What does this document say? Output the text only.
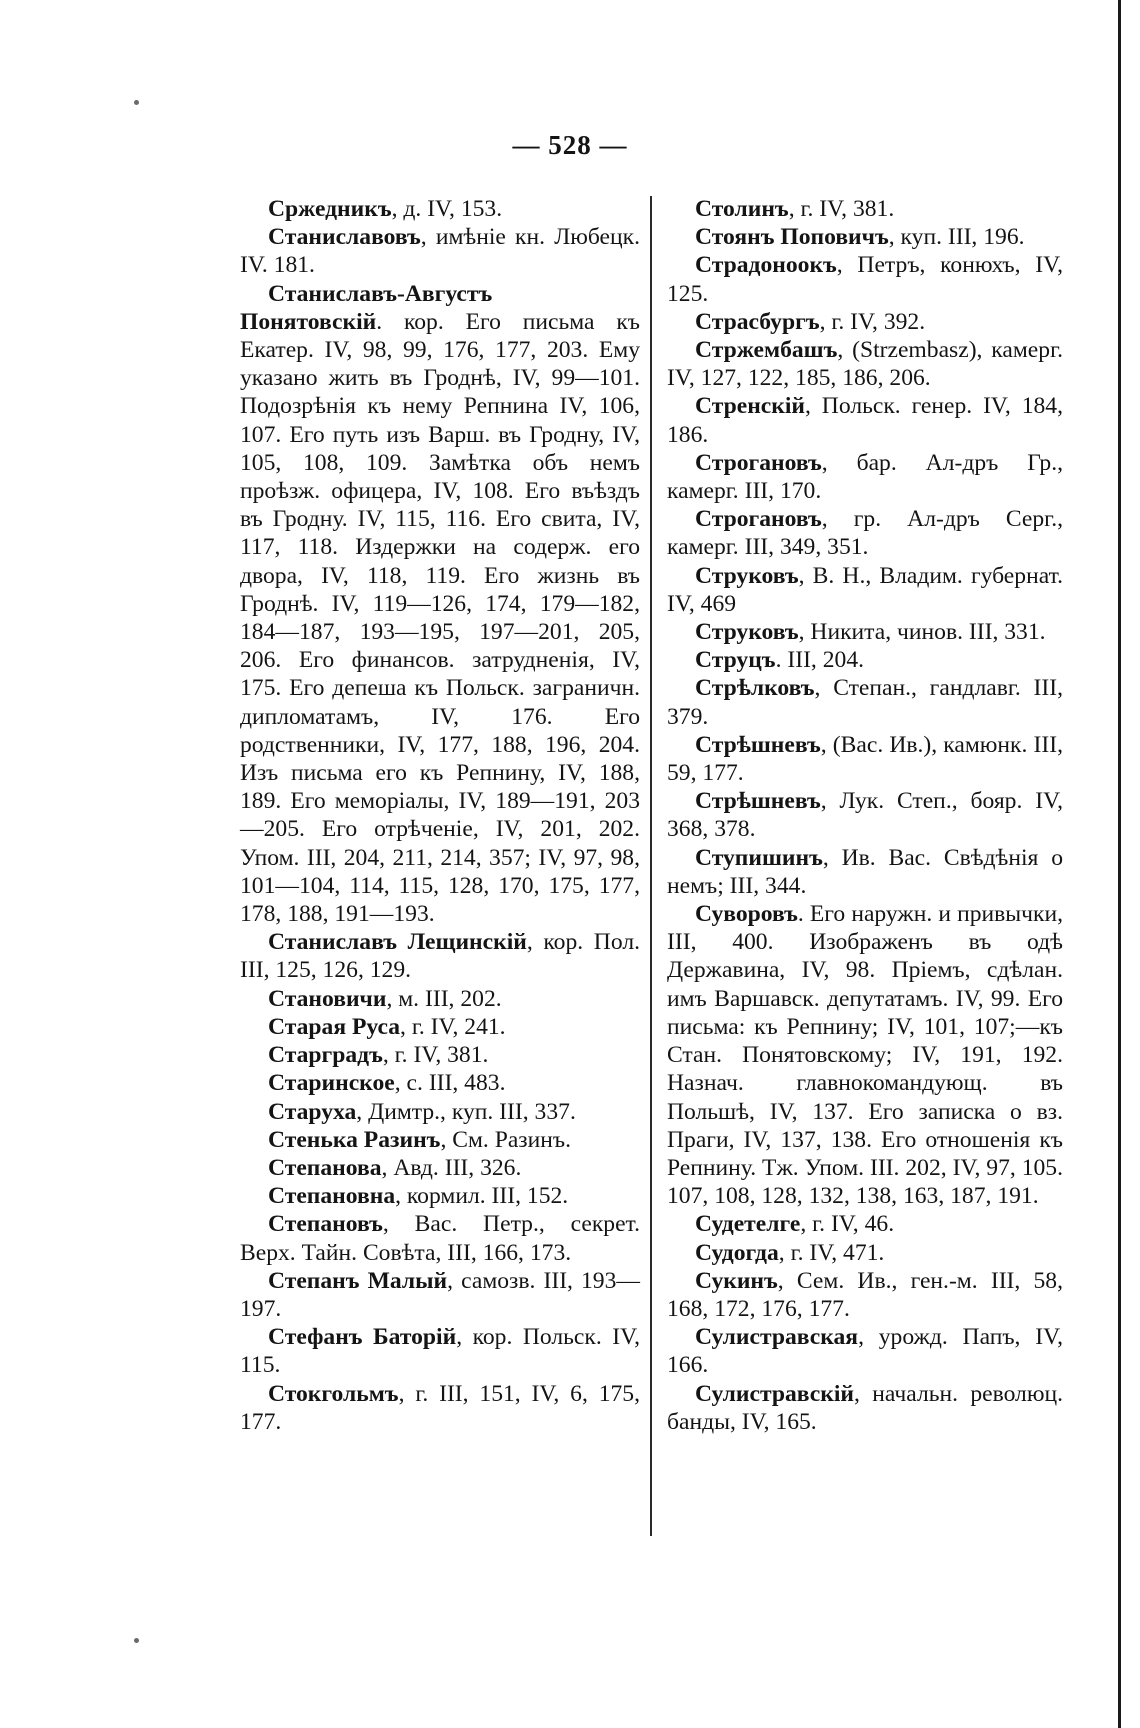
— 528 —

Сржедникъ, д. IV, 153.

Станиславовъ, имѣніе кн. Любецк. IV. 181.

Станиславъ-Августъ Понятовскій. кор. Его письма къ Екатер. IV, 98, 99, 176, 177, 203. Ему указано жить въ Гроднѣ, IV, 99—101. Подозрѣнія къ нему Репнина IV, 106, 107. Его путь изъ Варш. въ Гродну, IV, 105, 108, 109. Замѣтка объ немъ проѣзж. офицера, IV, 108. Его въѣздъ въ Гродну. IV, 115, 116. Его свита, IV, 117, 118. Издержки на содерж. его двора, IV, 118, 119. Его жизнь въ Гроднѣ. IV, 119—126, 174, 179—182, 184—187, 193—195, 197—201, 205, 206. Его финансов. затрудненія, IV, 175. Его депеша къ Польск. заграничн. дипломатамъ, IV, 176. Его родственники, IV, 177, 188, 196, 204. Изъ письма его къ Репнину, IV, 188, 189. Его меморіалы, IV, 189—191, 203—205. Его отрѣченіе, IV, 201, 202. Упом. III, 204, 211, 214, 357; IV, 97, 98, 101—104, 114, 115, 128, 170, 175, 177, 178, 188, 191—193.

Станиславъ Лещинскій, кор. Пол. III, 125, 126, 129.

Становичи, м. III, 202.

Старая Руса, г. IV, 241.

Старградъ, г. IV, 381.

Старинское, с. III, 483.

Старуха, Димтр., куп. III, 337.

Стенька Разинъ, См. Разинъ.

Степанова, Авд. III, 326.

Степановна, кормил. III, 152.

Степановъ, Вас. Петр., секрет. Верх. Тайн. Совѣта, III, 166, 173.

Степанъ Малый, самозв. III, 193—197.

Стефанъ Баторій, кор. Польск. IV, 115.

Стокгольмъ, г. III, 151, IV, 6, 175, 177.

Столинъ, г. IV, 381.

Стоянъ Поповичъ, куп. III, 196.

Страдоноокъ, Петръ, конюхъ, IV, 125.

Страсбургъ, г. IV, 392.

Стржембашъ, (Strzembasz), камерг. IV, 127, 122, 185, 186, 206.

Стренскій, Польск. генер. IV, 184, 186.

Строгановъ, бар. Ал-дръ Гр., камерг. III, 170.

Строгановъ, гр. Ал-дръ Серг., камерг. III, 349, 351.

Струковъ, В. Н., Владим. губернат. IV, 469

Струковъ, Никита, чинов. III, 331.

Струцъ. III, 204.

Стрѣлковъ, Степан., гандлавг. III, 379.

Стрѣшневъ, (Вас. Ив.), камюнк. III, 59, 177.

Стрѣшневъ, Лук. Степ., бояр. IV, 368, 378.

Ступишинъ, Ив. Вас. Свѣдѣнія о немъ; III, 344.

Суворовъ. Его наружн. и привычки, III, 400. Изображенъ въ одѣ Державина, IV, 98. Пріемъ, сдѣлан. имъ Варшавск. депутатамъ. IV, 99. Его письма: къ Репнину; IV, 101, 107;—къ Стан. Понятовскому; IV, 191, 192. Назнач. главнокомандующ. въ Польшѣ, IV, 137. Его записка о вз. Праги, IV, 137, 138. Его отношенія къ Репнину. Тж. Упом. III. 202, IV, 97, 105. 107, 108, 128, 132, 138, 163, 187, 191.

Судетелге, г. IV, 46.

Судогда, г. IV, 471.

Сукинъ, Сем. Ив., ген.-м. III, 58, 168, 172, 176, 177.

Сулистравская, урожд. Папъ, IV, 166.

Сулистравскій, начальн. революц. банды, IV, 165.
